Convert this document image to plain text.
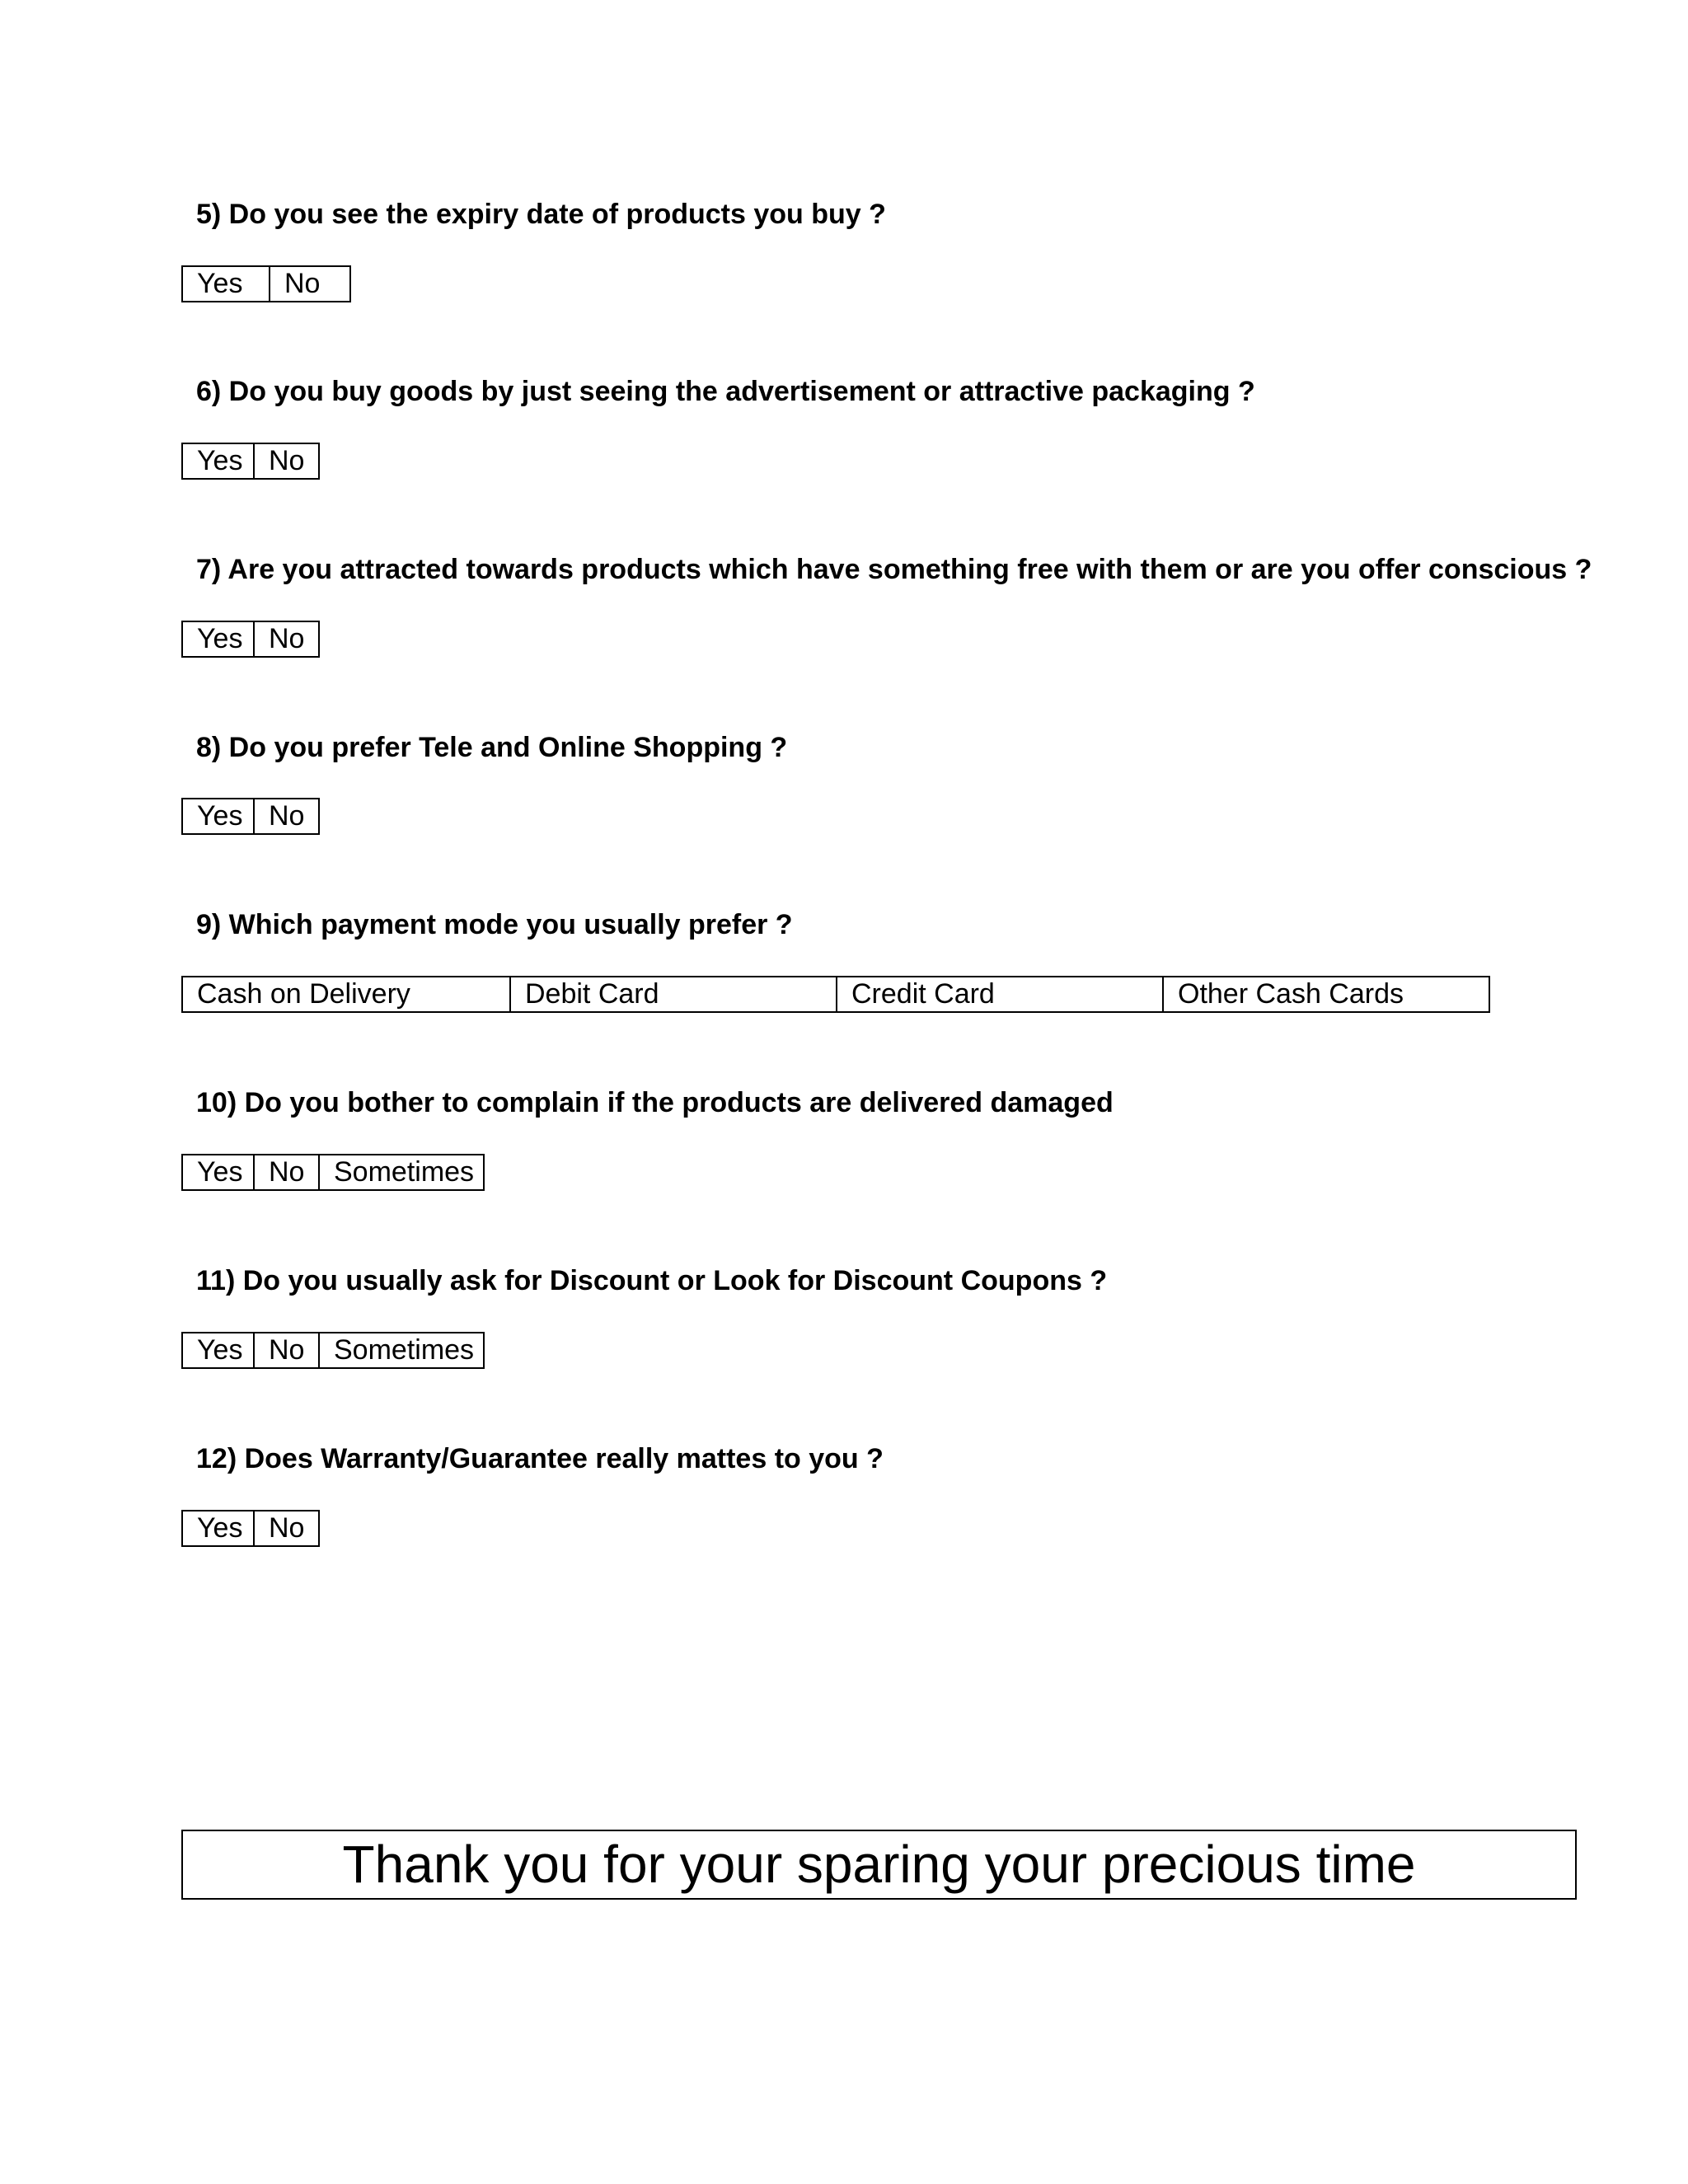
5) Do you see the expiry date of products you buy ?
Yes	No
6) Do you buy goods by just seeing the advertisement or attractive packaging ?
Yes No
7) Are you attracted towards products which have something free with them or are you offer conscious ?
Yes No
8) Do you prefer Tele and Online Shopping ?
Yes No
9) Which payment mode you usually prefer ?
Cash on Delivery	Debit Card	Credit Card	Other Cash Cards
10) Do you bother to complain if the products are delivered damaged
Yes No	Sometimes
11) Do you usually ask for Discount or Look for Discount Coupons ?
Yes No	Sometimes
12) Does Warranty/Guarantee really mattes to you ?
Yes No
Thank you for your sparing your precious time
